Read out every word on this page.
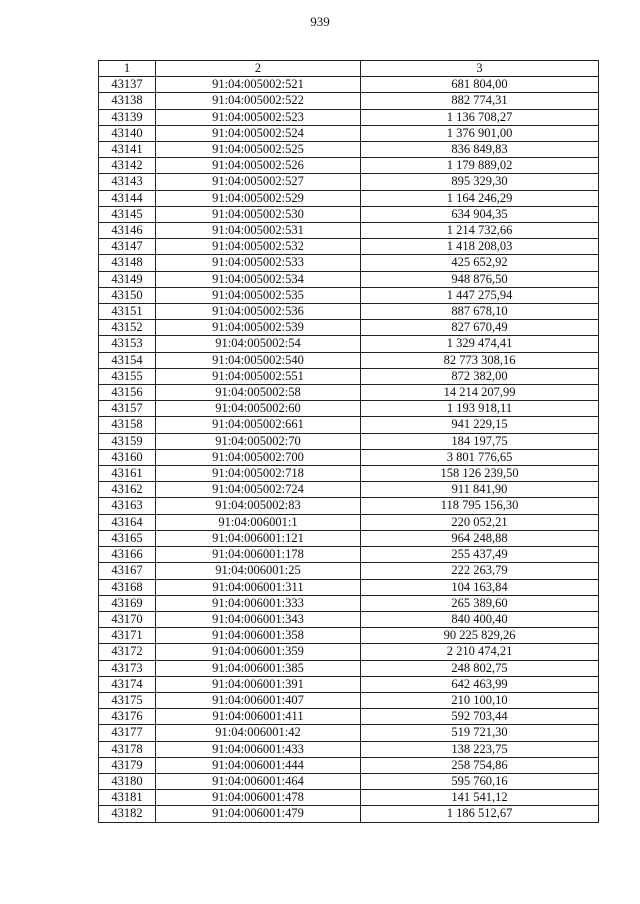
939
1	2	3
43137	91:04:005002:521	681 804,00
43138	91:04:005002:522	882 774,31
43139	91:04:005002:523	1 136 708,27
43140	91:04:005002:524	1 376 901,00
43141	91:04:005002:525	836 849,83
43142	91:04:005002:526	1 179 889,02
43143	91:04:005002:527	895 329,30
43144	91:04:005002:529	1 164 246,29
43145	91:04:005002:530	634 904,35
43146	91:04:005002:531	1 214 732,66
43147	91:04:005002:532	1 418 208,03
43148	91:04:005002:533	425 652,92
43149	91:04:005002:534	948 876,50
43150	91:04:005002:535	1 447 275,94
43151	91:04:005002:536	887 678,10
43152	91:04:005002:539	827 670,49
43153	91:04:005002:54	1 329 474,41
43154	91:04:005002:540	82 773 308,16
43155	91:04:005002:551	872 382,00
43156	91:04:005002:58	14 214 207,99
43157	91:04:005002:60	1 193 918,11
43158	91:04:005002:661	941 229,15
43159	91:04:005002:70	184 197,75
43160	91:04:005002:700	3 801 776,65
43161	91:04:005002:718	158 126 239,50
43162	91:04:005002:724	911 841,90
43163	91:04:005002:83	118 795 156,30
43164	91:04:006001:1	220 052,21
43165	91:04:006001:121	964 248,88
43166	91:04:006001:178	255 437,49
43167	91:04:006001:25	222 263,79
43168	91:04:006001:311	104 163,84
43169	91:04:006001:333	265 389,60
43170	91:04:006001:343	840 400,40
43171	91:04:006001:358	90 225 829,26
43172	91:04:006001:359	2 210 474,21
43173	91:04:006001:385	248 802,75
43174	91:04:006001:391	642 463,99
43175	91:04:006001:407	210 100,10
43176	91:04:006001:411	592 703,44
43177	91:04:006001:42	519 721,30
43178	91:04:006001:433	138 223,75
43179	91:04:006001:444	258 754,86
43180	91:04:006001:464	595 760,16
43181	91:04:006001:478	141 541,12
43182	91:04:006001:479	1 186 512,67
